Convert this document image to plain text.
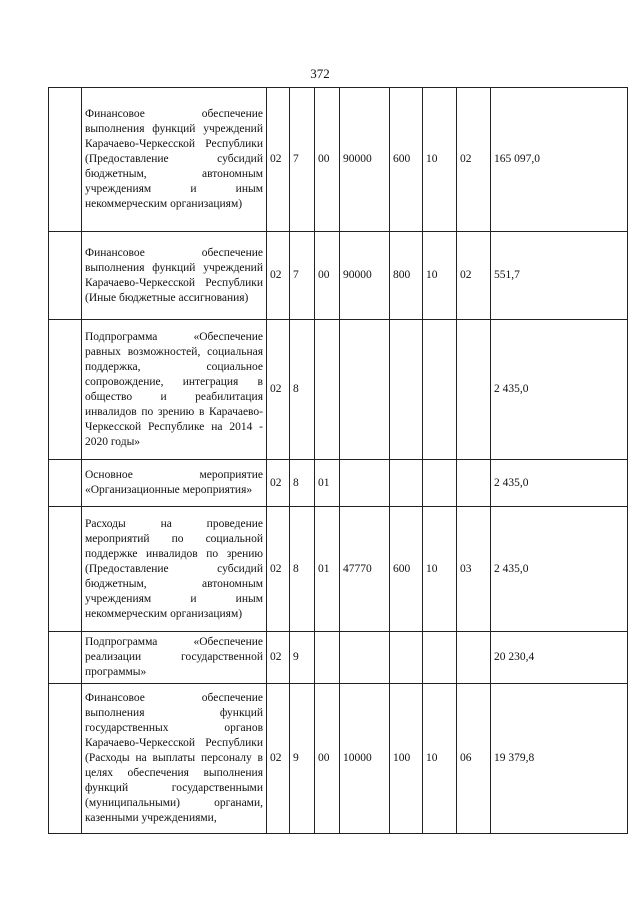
372
	Финансовое обеспечение выполнения функций учреждений Карачаево-Черкесской Республики (Предоставление субсидий бюджетным, автономным учреждениям и иным некоммерческим организациям)	02	7	00	90000	600	10	02	165 097,0
	Финансовое обеспечение выполнения функций учреждений Карачаево-Черкесской Республики (Иные бюджетные ассигнования)	02	7	00	90000	800	10	02	551,7
	Подпрограмма «Обеспечение равных возможностей, социальная поддержка, социальное сопровождение, интеграция в общество и реабилитация инвалидов по зрению в Карачаево-Черкесской Республике на 2014 - 2020 годы»	02	8						2 435,0
	Основное мероприятие «Организационные мероприятия»	02	8	01					2 435,0
	Расходы на проведение мероприятий по социальной поддержке инвалидов по зрению (Предоставление субсидий бюджетным, автономным учреждениям и иным некоммерческим организациям)	02	8	01	47770	600	10	03	2 435,0
	Подпрограмма «Обеспечение реализации государственной программы»	02	9						20 230,4
	Финансовое обеспечение выполнения функций государственных органов Карачаево-Черкесской Республики (Расходы на выплаты персоналу в целях обеспечения выполнения функций государственными (муниципальными) органами, казенными учреждениями,	02	9	00	10000	100	10	06	19 379,8
